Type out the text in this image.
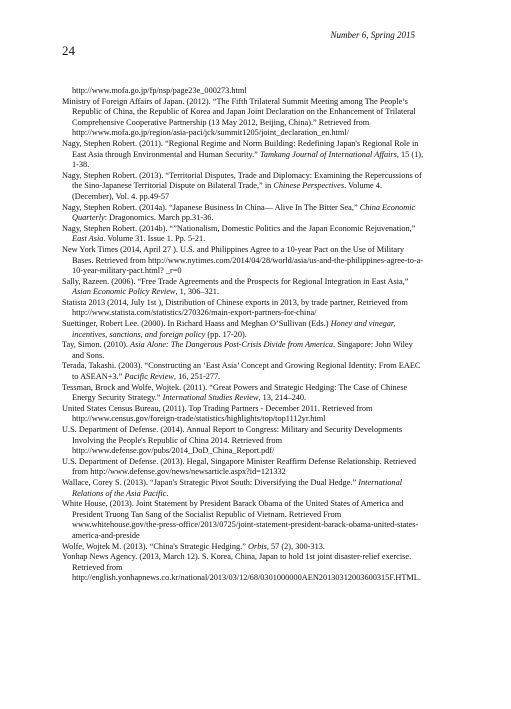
Number 6, Spring 2015
24

http://www.mofa.go.jp/fp/nsp/page23e_000273.html

Ministry of Foreign Affairs of Japan. (2012). “The Fifth Trilateral Summit Meeting among The People’s Republic of China, the Republic of Korea and Japan Joint Declaration on the Enhancement of Trilateral Comprehensive Cooperative Partnership (13 May 2012, Beijing, China).” Retrieved from http://www.mofa.go.jp/region/asia-paci/jck/summit1205/joint_declaration_en.html/

Nagy, Stephen Robert. (2011). “Regional Regime and Norm Building: Redefining Japan's Regional Role in East Asia through Environmental and Human Security.” Tamkang Journal of International Affairs, 15 (1), 1-38.

Nagy, Stephen Robert. (2013). “Territorial Disputes, Trade and Diplomacy: Examining the Repercussions of the Sino-Japanese Territorial Dispute on Bilateral Trade,” in Chinese Perspectives. Volume 4. (December), Vol. 4. pp.49-57

Nagy, Stephen Robert. (2014a). “Japanese Business In China— Alive In The Bitter Sea,” China Economic Quarterly: Dragonomics. March pp.31-36.

Nagy, Stephen Robert. (2014b). “”Nationalism, Domestic Politics and the Japan Economic Rejuvenation,” East Asia. Volume 31. Issue 1. Pp. 5-21.

New York Times (2014, April 27 ). U.S. and Philippines Agree to a 10-year Pact on the Use of Military Bases. Retrieved from http://www.nytimes.com/2014/04/28/world/asia/us-and-the-philippines-agree-to-a-10-year-military-pact.html? _r=0

Sally, Razeen. (2006). “Free Trade Agreements and the Prospects for Regional Integration in East Asia,” Asian Economic Policy Review, 1, 306–321.

Statista 2013 (2014, July 1st ), Distribution of Chinese exports in 2013, by trade partner, Retrieved from http://www.statista.com/statistics/270326/main-export-partners-for-china/

Suettinger, Robert Lee. (2000). In Richard Haass and Meghan O’Sullivan (Eds.) Honey and vinegar, incentives, sanctions, and foreign policy (pp. 17-20).

Tay, Simon. (2010). Asia Alone: The Dangerous Post-Crisis Divide from America. Singapore: John Wiley and Sons.

Terada, Takashi. (2003). “Constructing an ‘East Asia’ Concept and Growing Regional Identity: From EAEC to ASEAN+3.” Pacific Review, 16, 251-277.

Tessman, Brock and Wolfe, Wojtek. (2011). “Great Powers and Strategic Hedging: The Case of Chinese Energy Security Strategy.” International Studies Review, 13, 214–240.

United States Census Bureau, (2011). Top Trading Partners - December 2011. Retrieved from http://www.census.gov/foreign-trade/statistics/highlights/top/top1112yr.html

U.S. Department of Defense. (2014). Annual Report to Congress: Military and Security Developments Involving the People's Republic of China 2014. Retrieved from http://www.defense.gov/pubs/2014_DoD_China_Report.pdf/

U.S. Department of Defense. (2013). Hegal, Singapore Minister Reaffirm Defense Relationship. Retrieved from http://www.defense.gov/news/newsarticle.aspx?id=121332

Wallace, Corey S. (2013). “Japan's Strategic Pivot South: Diversifying the Dual Hedge.” International Relations of the Asia Pacific.

White House, (2013). Joint Statement by President Barack Obama of the United States of America and President Truong Tan Sang of the Socialist Republic of Vietnam. Retrieved From www.whitehouse.gov/the-press-office/2013/0725/joint-statement-president-barack-obama-united-states-america-and-preside

Wolfe, Wojtek M. (2013). “China's Strategic Hedging.” Orbis, 57 (2), 300-313.

Yonhap News Agency. (2013, March 12). S. Korea, China, Japan to hold 1st joint disaster-relief exercise. Retrieved from http://english.yonhapnews.co.kr/national/2013/03/12/68/0301000000AEN20130312003600315F.HTML.
